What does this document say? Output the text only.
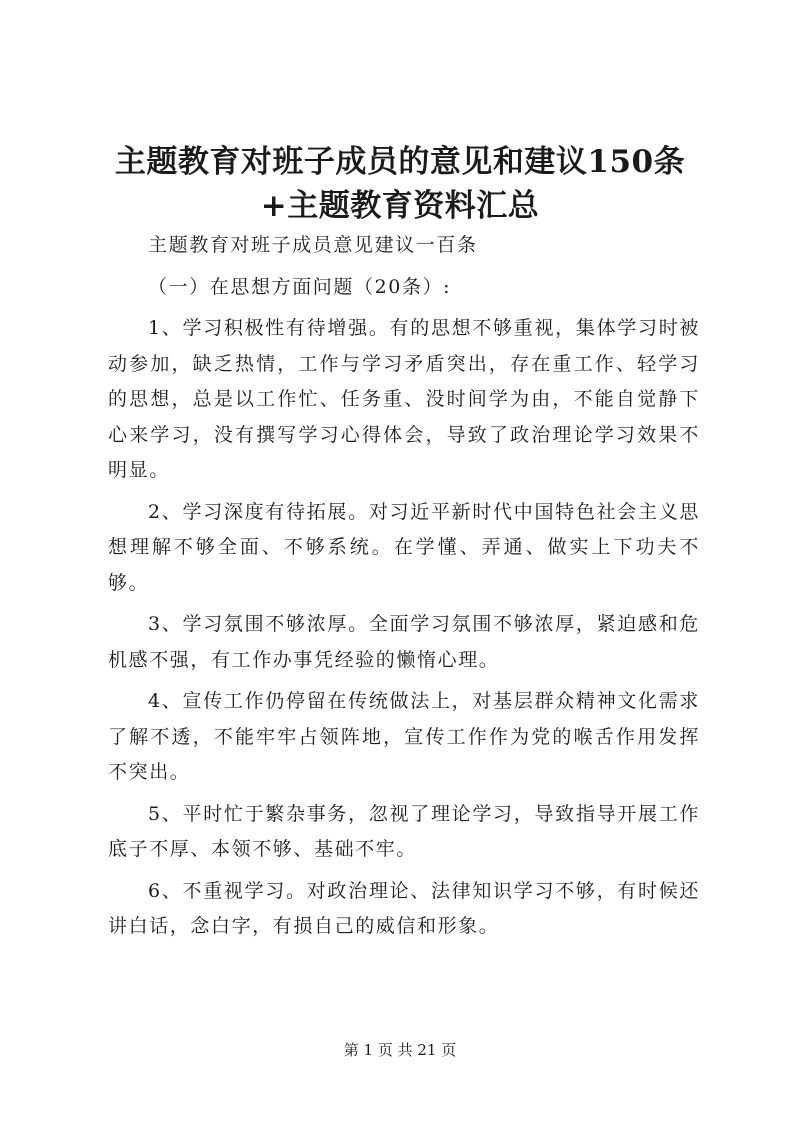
主题教育对班子成员的意见和建议150条+主题教育资料汇总

主题教育对班子成员意见建议一百条

（一）在思想方面问题（20条）:

1、学习积极性有待增强。有的思想不够重视，集体学习时被动参加，缺乏热情，工作与学习矛盾突出，存在重工作、轻学习的思想，总是以工作忙、任务重、没时间学为由，不能自觉静下心来学习，没有撰写学习心得体会，导致了政治理论学习效果不明显。

2、学习深度有待拓展。对习近平新时代中国特色社会主义思想理解不够全面、不够系统。在学懂、弄通、做实上下功夫不够。

3、学习氛围不够浓厚。全面学习氛围不够浓厚，紧迫感和危机感不强，有工作办事凭经验的懒惰心理。

4、宣传工作仍停留在传统做法上，对基层群众精神文化需求了解不透，不能牢牢占领阵地，宣传工作作为党的喉舌作用发挥不突出。

5、平时忙于繁杂事务，忽视了理论学习，导致指导开展工作底子不厚、本领不够、基础不牢。

6、不重视学习。对政治理论、法律知识学习不够，有时候还讲白话，念白字，有损自己的威信和形象。

第 1 页 共 21 页
